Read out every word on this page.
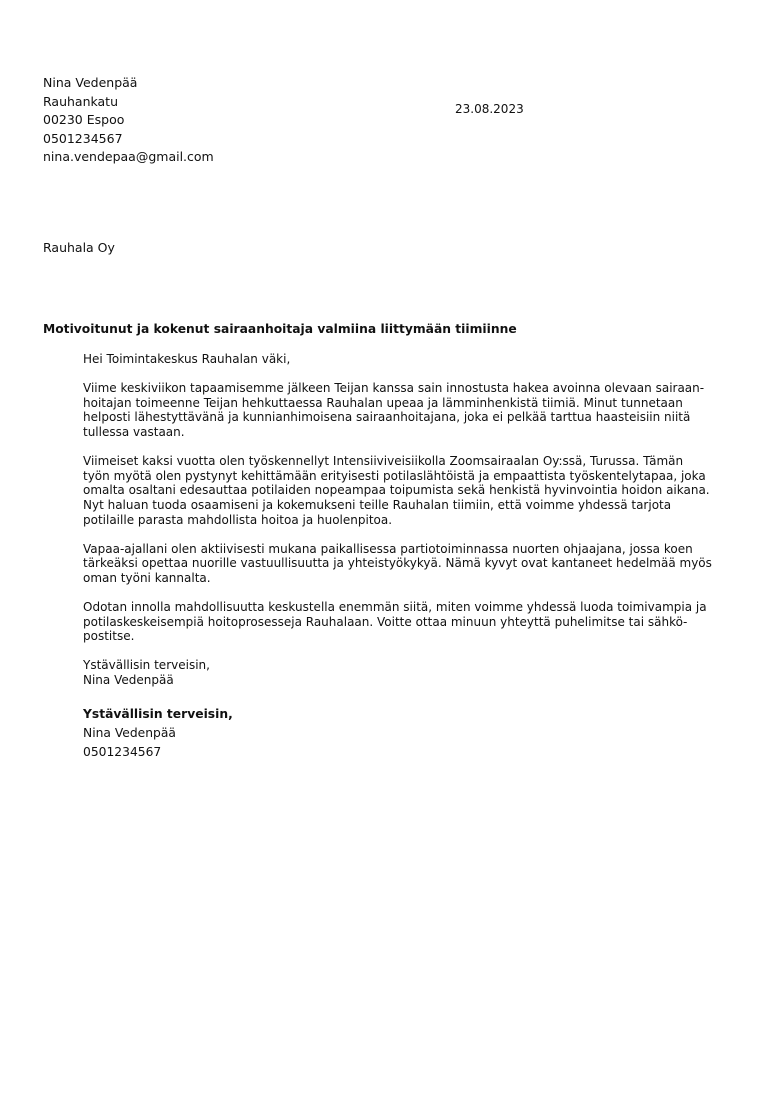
Nina Vedenpää
Rauhankatu
00230 Espoo
0501234567
nina.vendepaa@gmail.com
23.08.2023
Rauhala Oy
Motivoitunut ja kokenut sairaanhoitaja valmiina liittymään tiimiinne

Hei Toimintakeskus Rauhalan väki,

Viime keskiviikon tapaamisemme jälkeen Teijan kanssa sain innostusta hakea avoinna olevaan sairaanhoitajan toimeenne Teijan hehkuttaessa Rauhalan upeaa ja lämminhenkistä tiimiä. Minut tunnetaan helposti lähestyttävänä ja kunnianhimoisena sairaanhoitajana, joka ei pelkää tarttua haasteisiin niitä tullessa vastaan.

Viimeiset kaksi vuotta olen työskennellyt Intensiiviveisiikolla Zoomsairaalan Oy:ssä, Turussa. Tämän työn myötä olen pystynyt kehittämään erityisesti potilaslähtöistä ja empaattista työskentelytapaa, joka omalta osaltani edesauttaa potilaiden nopeampaa toipumista sekä henkistä hyvinvointia hoidon aikana. Nyt haluan tuoda osaamiseni ja kokemukseni teille Rauhalan tiimiin, että voimme yhdessä tarjota potilaille parasta mahdollista hoitoa ja huolenpitoa.

Vapaa-ajallani olen aktiivisesti mukana paikallisessa partiotoiminnassa nuorten ohjaajana, jossa koen tärkeäksi opettaa nuorille vastuullisuutta ja yhteistyökykyä. Nämä kyvyt ovat kantaneet hedelmää myös oman työni kannalta.

Odotan innolla mahdollisuutta keskustella enemmän siitä, miten voimme yhdessä luoda toimivampia ja potilaskeskeisempiä hoitoprosesseja Rauhalaan. Voitte ottaa minuun yhteyttä puhelimitse tai sähköpostitse.

Ystävällisin terveisin,
Nina Vedenpää
Ystävällisin terveisin,
Nina Vedenpää
0501234567
